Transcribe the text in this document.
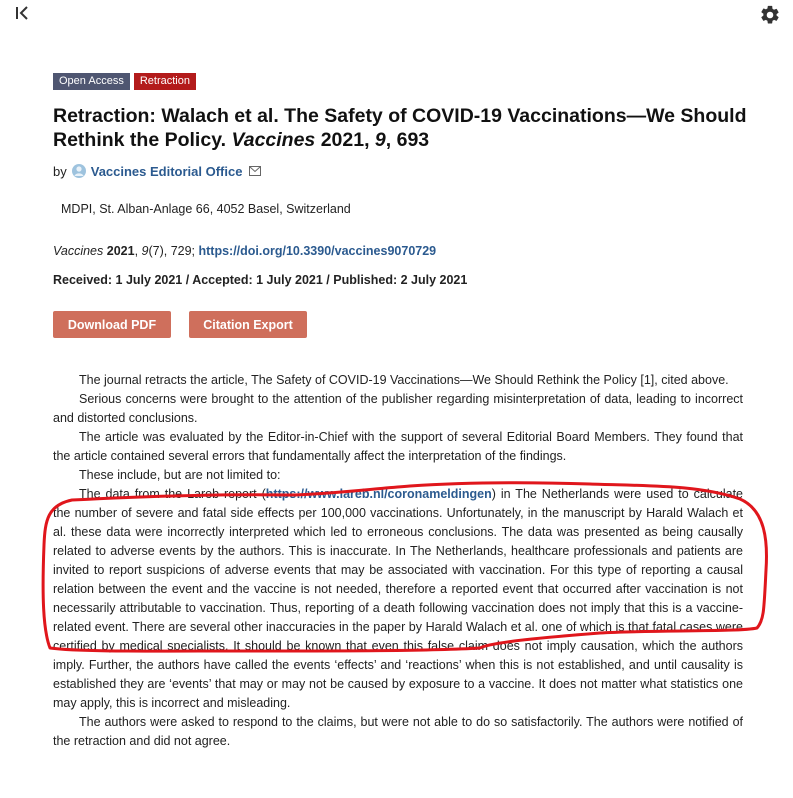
Open Access	Retraction
Retraction: Walach et al. The Safety of COVID-19 Vaccinations—We Should Rethink the Policy. Vaccines 2021, 9, 693
by Vaccines Editorial Office
MDPI, St. Alban-Anlage 66, 4052 Basel, Switzerland
Vaccines 2021, 9(7), 729; https://doi.org/10.3390/vaccines9070729
Received: 1 July 2021 / Accepted: 1 July 2021 / Published: 2 July 2021
Download PDF	Citation Export

The journal retracts the article, The Safety of COVID-19 Vaccinations—We Should Rethink the Policy [1], cited above.

Serious concerns were brought to the attention of the publisher regarding misinterpretation of data, leading to incorrect and distorted conclusions.

The article was evaluated by the Editor-in-Chief with the support of several Editorial Board Members. They found that the article contained several errors that fundamentally affect the interpretation of the findings.

These include, but are not limited to:

The data from the Lareb report (https://www.lareb.nl/coronameldingen) in The Netherlands were used to calculate the number of severe and fatal side effects per 100,000 vaccinations. Unfortunately, in the manuscript by Harald Walach et al. these data were incorrectly interpreted which led to erroneous conclusions. The data was presented as being causally related to adverse events by the authors. This is inaccurate. In The Netherlands, healthcare professionals and patients are invited to report suspicions of adverse events that may be associated with vaccination. For this type of reporting a causal relation between the event and the vaccine is not needed, therefore a reported event that occurred after vaccination is not necessarily attributable to vaccination. Thus, reporting of a death following vaccination does not imply that this is a vaccine-related event. There are several other inaccuracies in the paper by Harald Walach et al. one of which is that fatal cases were certified by medical specialists. It should be known that even this false claim does not imply causation, which the authors imply. Further, the authors have called the events ‘effects’ and ‘reactions’ when this is not established, and until causality is established they are ‘events’ that may or may not be caused by exposure to a vaccine. It does not matter what statistics one may apply, this is incorrect and misleading.

The authors were asked to respond to the claims, but were not able to do so satisfactorily. The authors were notified of the retraction and did not agree.
